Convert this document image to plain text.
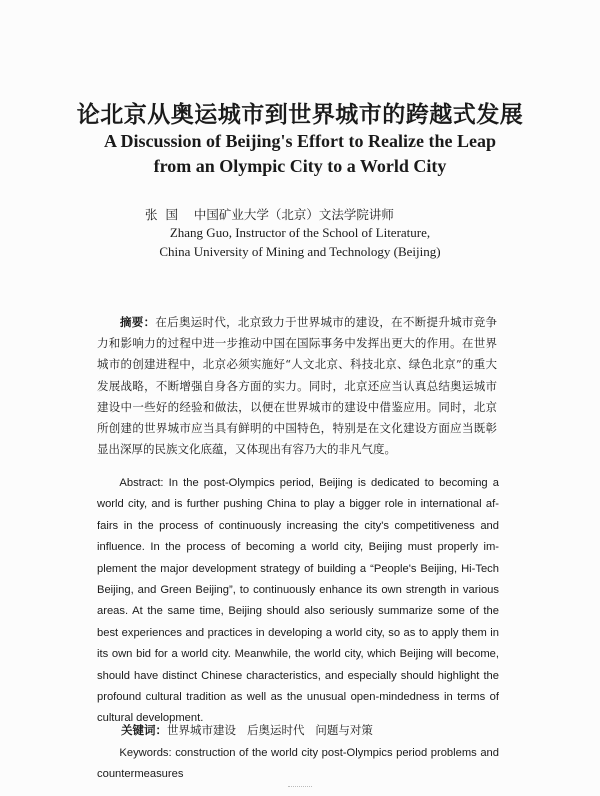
论北京从奥运城市到世界城市的跨越式发展
A Discussion of Beijing's Effort to Realize the Leap
from an Olympic City to a World City
张  国 中国矿业大学（北京）文法学院讲师
Zhang Guo, Instructor of the School of Literature,
China University of Mining and Technology (Beijing)
摘要：在后奥运时代，北京致力于世界城市的建设，在不断提升城市竞争力和影响力的过程中进一步推动中国在国际事务中发挥出更大的作用。在世界城市的创建进程中，北京必须实施好“人文北京、科技北京、绿色北京”的重大发展战略，不断增强自身各方面的实力。同时，北京还应当认真总结奥运城市建设中一些好的经验和做法，以便在世界城市的建设中借鉴应用。同时，北京所创建的世界城市应当具有鲜明的中国特色，特别是在文化建设方面应当既彰显出深厚的民族文化底蕴，又体现出有容乃大的非凡气度。
Abstract: In the post-Olympics period, Beijing is dedicated to becoming a world city, and is further pushing China to play a bigger role in international affairs in the process of continuously increasing the city's competitiveness and influence. In the process of becoming a world city, Beijing must properly implement the major development strategy of building a “People's Beijing, Hi-Tech Beijing, and Green Beijing”, to continuously enhance its own strength in various areas. At the same time, Beijing should also seriously summarize some of the best experiences and practices in developing a world city, so as to apply them in its own bid for a world city. Meanwhile, the world city, which Beijing will become, should have distinct Chinese characteristics, and especially should highlight the profound cultural tradition as well as the unusual open-mindedness in terms of cultural development.
关键词：世界城市建设   后奥运时代   问题与对策
Keywords: construction of the world city post-Olympics period problems and countermeasures
